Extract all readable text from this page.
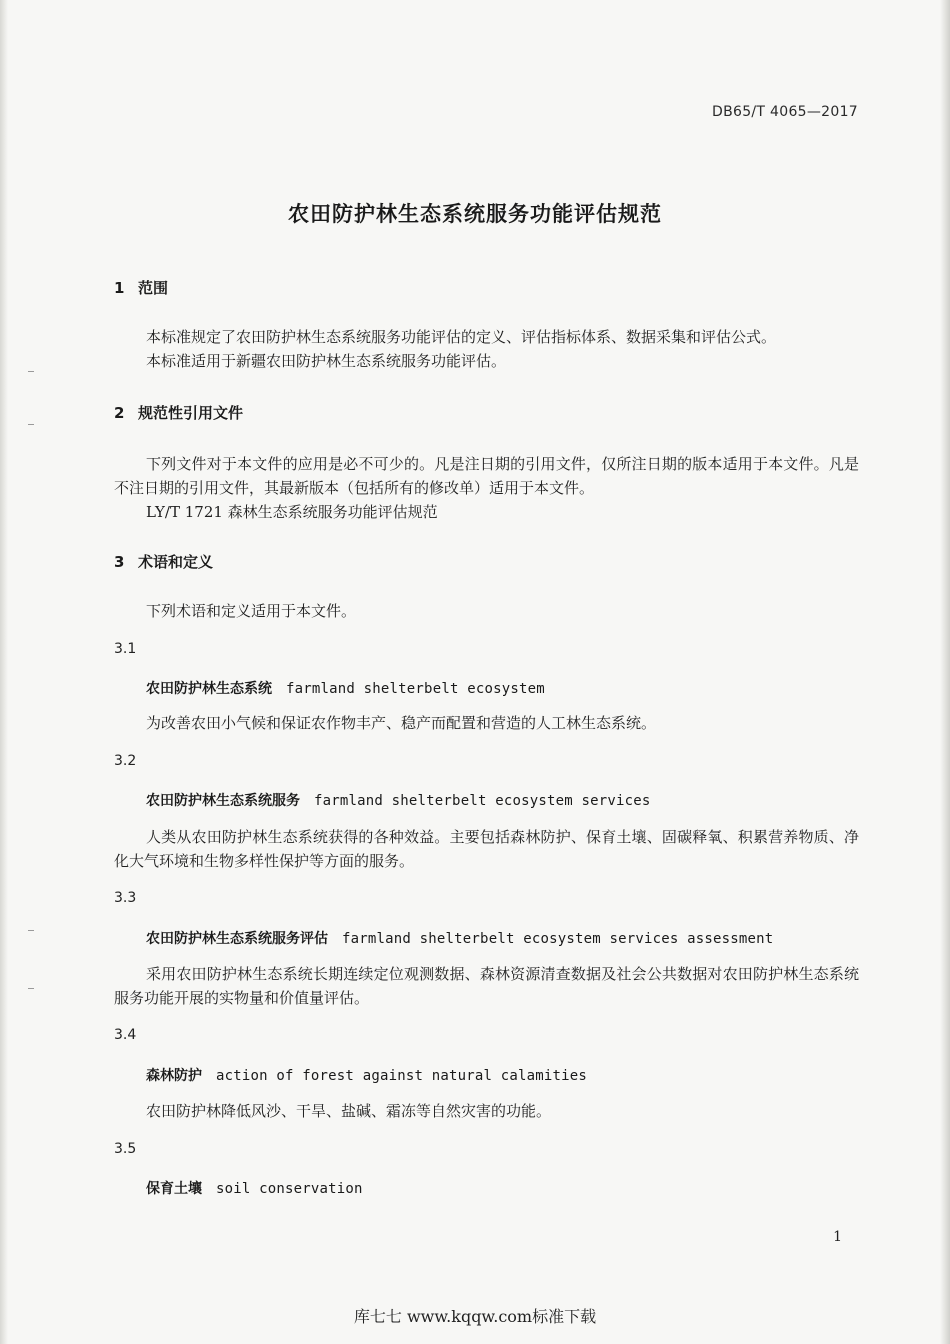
DB65/T 4065—2017
农田防护林生态系统服务功能评估规范
1 范围
本标准规定了农田防护林生态系统服务功能评估的定义、评估指标体系、数据采集和评估公式。
本标准适用于新疆农田防护林生态系统服务功能评估。
2 规范性引用文件
下列文件对于本文件的应用是必不可少的。凡是注日期的引用文件，仅所注日期的版本适用于本文件。凡是不注日期的引用文件，其最新版本（包括所有的修改单）适用于本文件。
LY/T 1721 森林生态系统服务功能评估规范
3 术语和定义
下列术语和定义适用于本文件。
3.1
农田防护林生态系统 farmland shelterbelt ecosystem
为改善农田小气候和保证农作物丰产、稳产而配置和营造的人工林生态系统。
3.2
农田防护林生态系统服务 farmland shelterbelt ecosystem services
人类从农田防护林生态系统获得的各种效益。主要包括森林防护、保育土壤、固碳释氧、积累营养物质、净化大气环境和生物多样性保护等方面的服务。
3.3
农田防护林生态系统服务评估 farmland shelterbelt ecosystem services assessment
采用农田防护林生态系统长期连续定位观测数据、森林资源清查数据及社会公共数据对农田防护林生态系统服务功能开展的实物量和价值量评估。
3.4
森林防护 action of forest against natural calamities
农田防护林降低风沙、干旱、盐碱、霜冻等自然灾害的功能。
3.5
保育土壤 soil conservation
1
库七七 www.kqqw.com标准下载
